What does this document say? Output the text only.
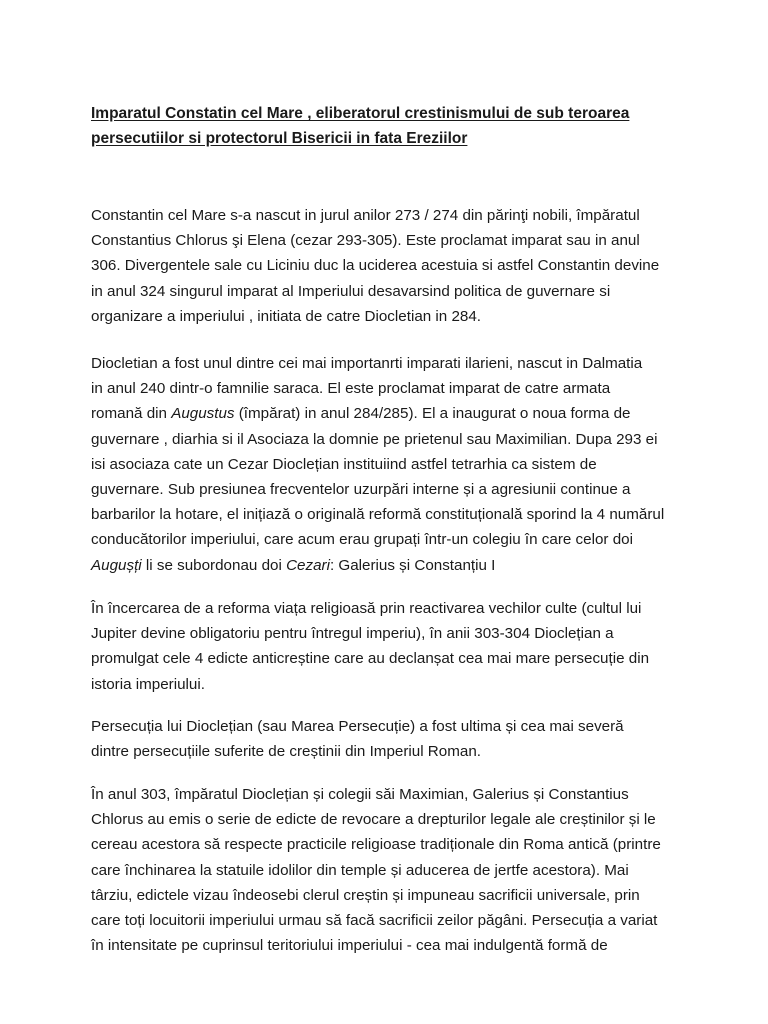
Imparatul Constatin cel Mare , eliberatorul crestinismului de sub teroarea
persecutiilor si protectorul Bisericii in fata Ereziilor
Constantin cel Mare s-a nascut in jurul anilor 273 / 274 din părinţi nobili, împăratul
Constantius Chlorus şi Elena (cezar 293-305). Este proclamat imparat sau in anul
306. Divergentele sale cu Liciniu duc la uciderea acestuia si astfel Constantin devine
in anul 324 singurul imparat al Imperiului desavarsind politica de guvernare si
organizare a imperiului , initiata de catre Diocletian in 284.
Diocletian a fost unul dintre cei mai importanrti imparati ilarieni, nascut in Dalmatia
in anul 240 dintr-o famnilie saraca. El este proclamat imparat de catre armata
romană din Augustus (împărat) in anul 284/285). El a inaugurat o noua forma de
guvernare , diarhia si il Asociaza la domnie pe prietenul sau Maximilian. Dupa 293 ei
isi asociaza cate un Cezar Dioclețian instituiind astfel tetrarhia ca sistem de
guvernare. Sub presiunea frecventelor uzurpări interne și a agresiunii continue a
barbarilor la hotare, el inițiază o originală reformă constituțională sporind la 4 numărul
conducătorilor imperiului, care acum erau grupați într-un colegiu în care celor doi
Augușți li se subordonau doi Cezari: Galerius și Constanțiu I
În încercarea de a reforma viața religioasă prin reactivarea vechilor culte (cultul lui
Jupiter devine obligatoriu pentru întregul imperiu), în anii 303-304 Dioclețian a
promulgat cele 4 edicte anticreștine care au declanșat cea mai mare persecuție din
istoria imperiului.
Persecuția lui Dioclețian (sau Marea Persecuție) a fost ultima și cea mai severă
dintre persecuțiile suferite de creștinii din Imperiul Roman.
În anul 303, împăratul Dioclețian și colegii săi Maximian, Galerius și Constantius
Chlorus au emis o serie de edicte de revocare a drepturilor legale ale creștinilor și le
cereau acestora să respecte practicile religioase tradiționale din Roma antică (printre
care închinarea la statuile idolilor din temple și aducerea de jertfe acestora). Mai
târziu, edictele vizau îndeosebi clerul creștin și impuneau sacrificii universale, prin
care toți locuitorii imperiului urmau să facă sacrificii zeilor păgâni. Persecuția a variat
în intensitate pe cuprinsul teritoriului imperiului - cea mai indulgentă formă de
